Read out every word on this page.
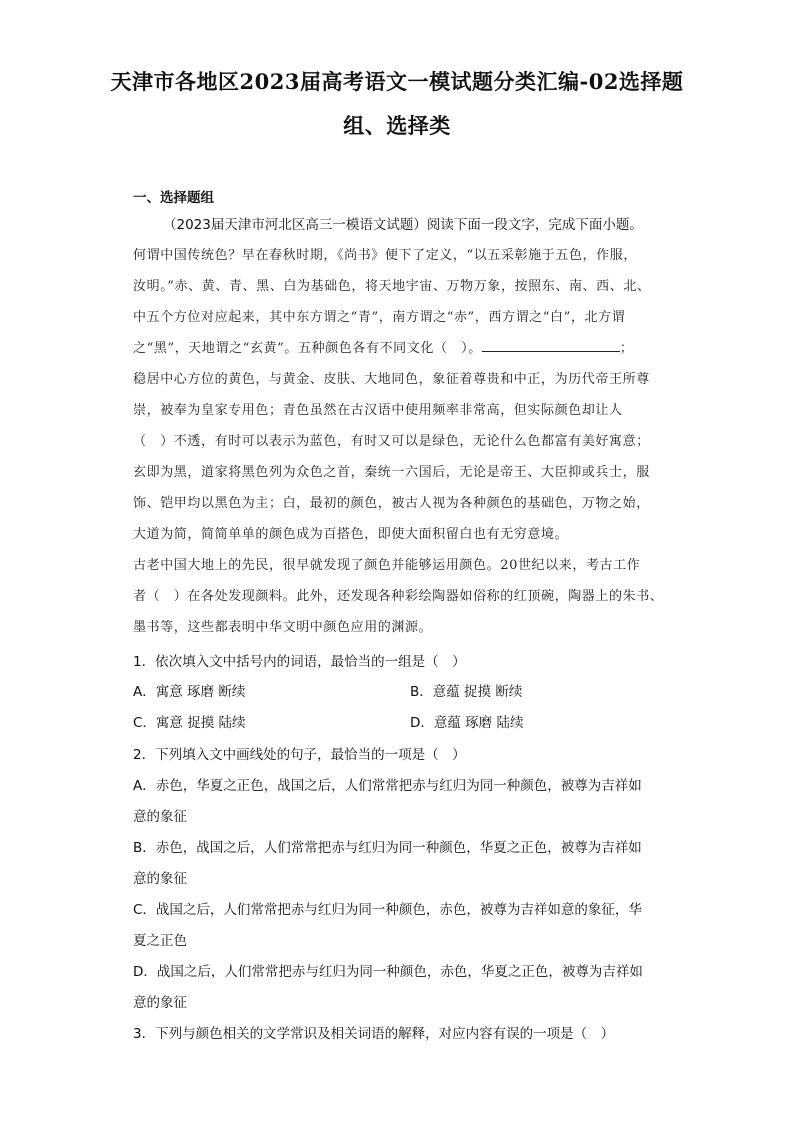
天津市各地区2023届高考语文一模试题分类汇编-02选择题
组、选择类
一、选择题组
（2023届天津市河北区高三一模语文试题）阅读下面一段文字，完成下面小题。
何谓中国传统色？早在春秋时期，《尚书》便下了定义，“以五采彰施于五色，作服，
汝明。”赤、黄、青、黑、白为基础色，将天地宇宙、万物万象，按照东、南、西、北、
中五个方位对应起来，其中东方谓之“青”，南方谓之“赤”，西方谓之“白”，北方谓
之“黑”，天地谓之“玄黄”。五种颜色各有不同文化（　）。	；
稳居中心方位的黄色，与黄金、皮肤、大地同色，象征着尊贵和中正，为历代帝王所尊
崇，被奉为皇家专用色；青色虽然在古汉语中使用频率非常高，但实际颜色却让人
（　）不透，有时可以表示为蓝色，有时又可以是绿色，无论什么色都富有美好寓意；
玄即为黑，道家将黑色列为众色之首，秦统一六国后，无论是帝王、大臣抑或兵士，服
饰、铠甲均以黑色为主；白，最初的颜色，被古人视为各种颜色的基础色，万物之始，
大道为简，简简单单的颜色成为百搭色，即使大面积留白也有无穷意境。
古老中国大地上的先民，很早就发现了颜色并能够运用颜色。20世纪以来，考古工作
者（　）在各处发现颜料。此外，还发现各种彩绘陶器如俗称的红顶碗，陶器上的朱书、
墨书等，这些都表明中华文明中颜色应用的渊源。
1．依次填入文中括号内的词语，最恰当的一组是（　）
A．寓意 琢磨 断续	B．意蕴 捉摸 断续
C．寓意 捉摸 陆续	D．意蕴 琢磨 陆续
2．下列填入文中画线处的句子，最恰当的一项是（　）
A．赤色，华夏之正色，战国之后，人们常常把赤与红归为同一种颜色，被尊为吉祥如
意的象征
B．赤色，战国之后，人们常常把赤与红归为同一种颜色，华夏之正色，被尊为吉祥如
意的象征
C．战国之后，人们常常把赤与红归为同一种颜色，赤色，被尊为吉祥如意的象征，华
夏之正色
D．战国之后，人们常常把赤与红归为同一种颜色，赤色，华夏之正色，被尊为吉祥如
意的象征
3．下列与颜色相关的文学常识及相关词语的解释，对应内容有误的一项是（　）
